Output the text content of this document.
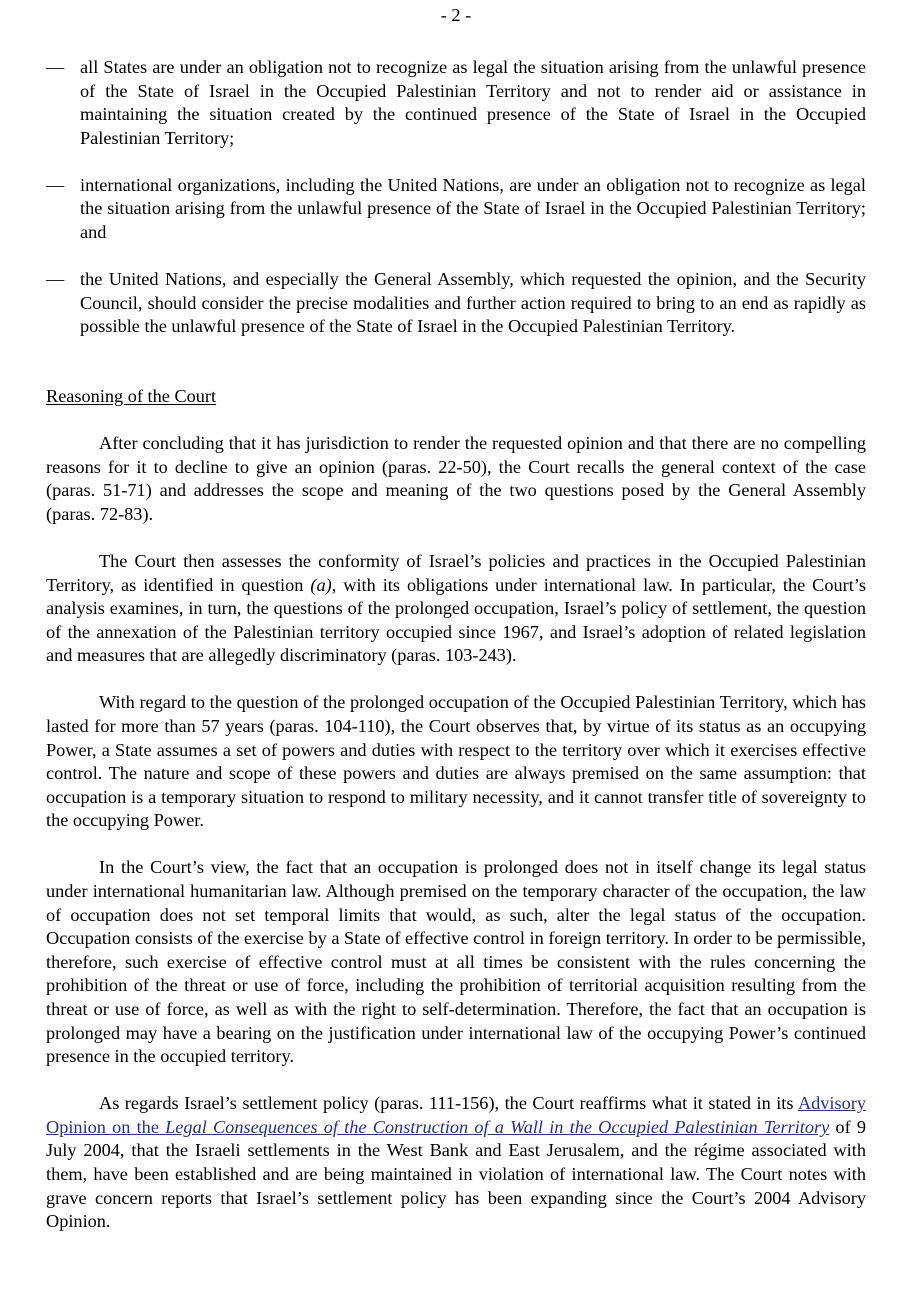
- 2 -
— all States are under an obligation not to recognize as legal the situation arising from the unlawful presence of the State of Israel in the Occupied Palestinian Territory and not to render aid or assistance in maintaining the situation created by the continued presence of the State of Israel in the Occupied Palestinian Territory;
— international organizations, including the United Nations, are under an obligation not to recognize as legal the situation arising from the unlawful presence of the State of Israel in the Occupied Palestinian Territory; and
— the United Nations, and especially the General Assembly, which requested the opinion, and the Security Council, should consider the precise modalities and further action required to bring to an end as rapidly as possible the unlawful presence of the State of Israel in the Occupied Palestinian Territory.
Reasoning of the Court

After concluding that it has jurisdiction to render the requested opinion and that there are no compelling reasons for it to decline to give an opinion (paras. 22-50), the Court recalls the general context of the case (paras. 51-71) and addresses the scope and meaning of the two questions posed by the General Assembly (paras. 72-83).

The Court then assesses the conformity of Israel’s policies and practices in the Occupied Palestinian Territory, as identified in question (a), with its obligations under international law. In particular, the Court’s analysis examines, in turn, the questions of the prolonged occupation, Israel’s policy of settlement, the question of the annexation of the Palestinian territory occupied since 1967, and Israel’s adoption of related legislation and measures that are allegedly discriminatory (paras. 103-243).

With regard to the question of the prolonged occupation of the Occupied Palestinian Territory, which has lasted for more than 57 years (paras. 104-110), the Court observes that, by virtue of its status as an occupying Power, a State assumes a set of powers and duties with respect to the territory over which it exercises effective control. The nature and scope of these powers and duties are always premised on the same assumption: that occupation is a temporary situation to respond to military necessity, and it cannot transfer title of sovereignty to the occupying Power.

In the Court’s view, the fact that an occupation is prolonged does not in itself change its legal status under international humanitarian law. Although premised on the temporary character of the occupation, the law of occupation does not set temporal limits that would, as such, alter the legal status of the occupation. Occupation consists of the exercise by a State of effective control in foreign territory. In order to be permissible, therefore, such exercise of effective control must at all times be consistent with the rules concerning the prohibition of the threat or use of force, including the prohibition of territorial acquisition resulting from the threat or use of force, as well as with the right to self-determination. Therefore, the fact that an occupation is prolonged may have a bearing on the justification under international law of the occupying Power’s continued presence in the occupied territory.

As regards Israel’s settlement policy (paras. 111-156), the Court reaffirms what it stated in its Advisory Opinion on the Legal Consequences of the Construction of a Wall in the Occupied Palestinian Territory of 9 July 2004, that the Israeli settlements in the West Bank and East Jerusalem, and the régime associated with them, have been established and are being maintained in violation of international law. The Court notes with grave concern reports that Israel’s settlement policy has been expanding since the Court’s 2004 Advisory Opinion.
